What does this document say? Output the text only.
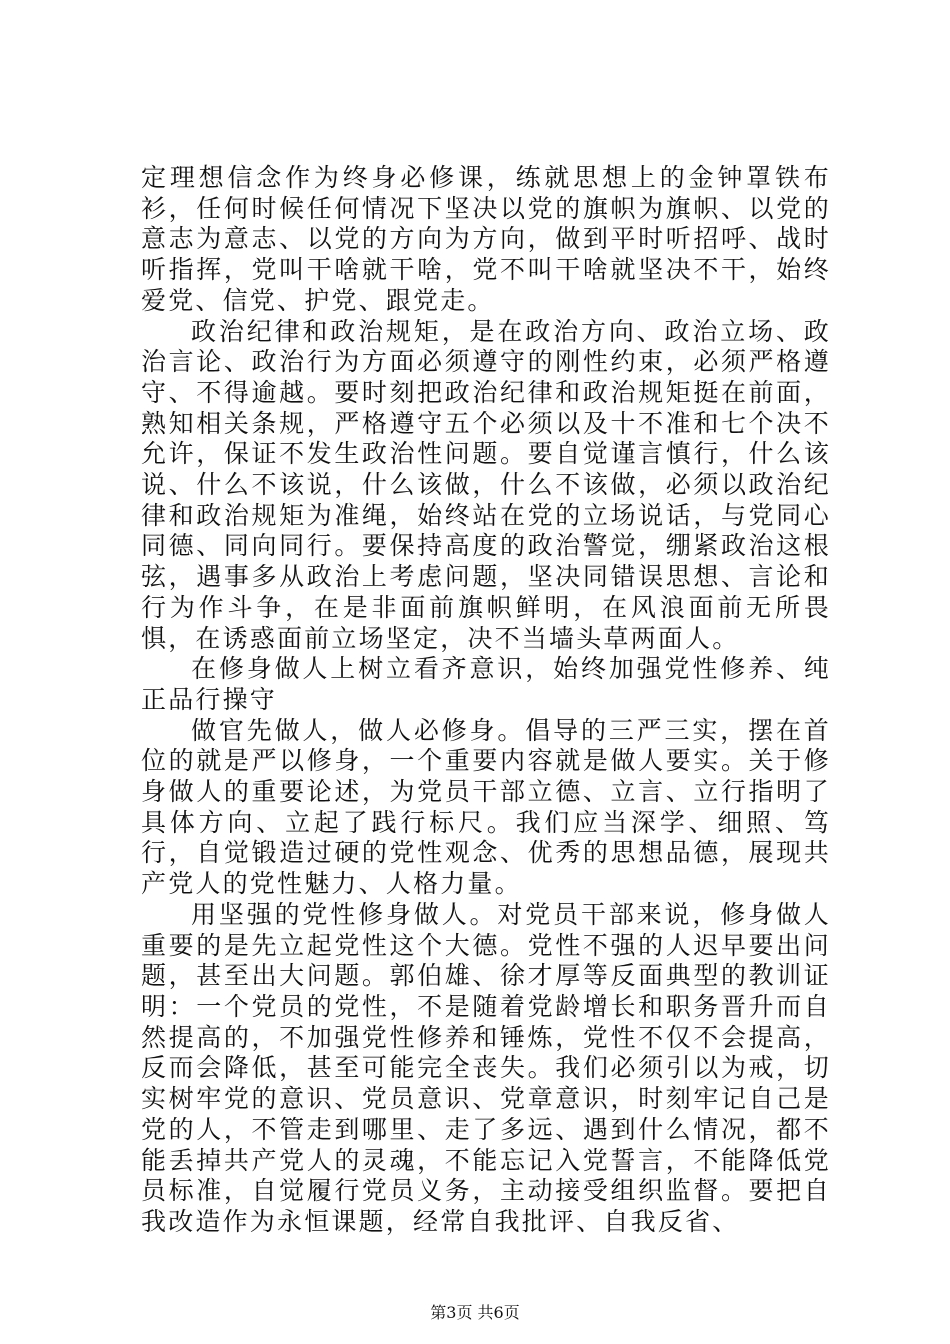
定理想信念作为终身必修课，练就思想上的金钟罩铁布衫，任何时候任何情况下坚决以党的旗帜为旗帜、以党的意志为意志、以党的方向为方向，做到平时听招呼、战时听指挥，党叫干啥就干啥，党不叫干啥就坚决不干，始终爱党、信党、护党、跟党走。

政治纪律和政治规矩，是在政治方向、政治立场、政治言论、政治行为方面必须遵守的刚性约束，必须严格遵守、不得逾越。要时刻把政治纪律和政治规矩挺在前面，熟知相关条规，严格遵守五个必须以及十不准和七个决不允许，保证不发生政治性问题。要自觉谨言慎行，什么该说、什么不该说，什么该做，什么不该做，必须以政治纪律和政治规矩为准绳，始终站在党的立场说话，与党同心同德、同向同行。要保持高度的政治警觉，绷紧政治这根弦，遇事多从政治上考虑问题，坚决同错误思想、言论和行为作斗争，在是非面前旗帜鲜明，在风浪面前无所畏惧，在诱惑面前立场坚定，决不当墙头草两面人。

在修身做人上树立看齐意识，始终加强党性修养、纯正品行操守

做官先做人，做人必修身。倡导的三严三实，摆在首位的就是严以修身，一个重要内容就是做人要实。关于修身做人的重要论述，为党员干部立德、立言、立行指明了具体方向、立起了践行标尺。我们应当深学、细照、笃行，自觉锻造过硬的党性观念、优秀的思想品德，展现共产党人的党性魅力、人格力量。

用坚强的党性修身做人。对党员干部来说，修身做人重要的是先立起党性这个大德。党性不强的人迟早要出问题，甚至出大问题。郭伯雄、徐才厚等反面典型的教训证明：一个党员的党性，不是随着党龄增长和职务晋升而自然提高的，不加强党性修养和锤炼，党性不仅不会提高，反而会降低，甚至可能完全丧失。我们必须引以为戒，切实树牢党的意识、党员意识、党章意识，时刻牢记自己是党的人，不管走到哪里、走了多远、遇到什么情况，都不能丢掉共产党人的灵魂，不能忘记入党誓言，不能降低党员标准，自觉履行党员义务，主动接受组织监督。要把自我改造作为永恒课题，经常自我批评、自我反省、

第3页 共6页
